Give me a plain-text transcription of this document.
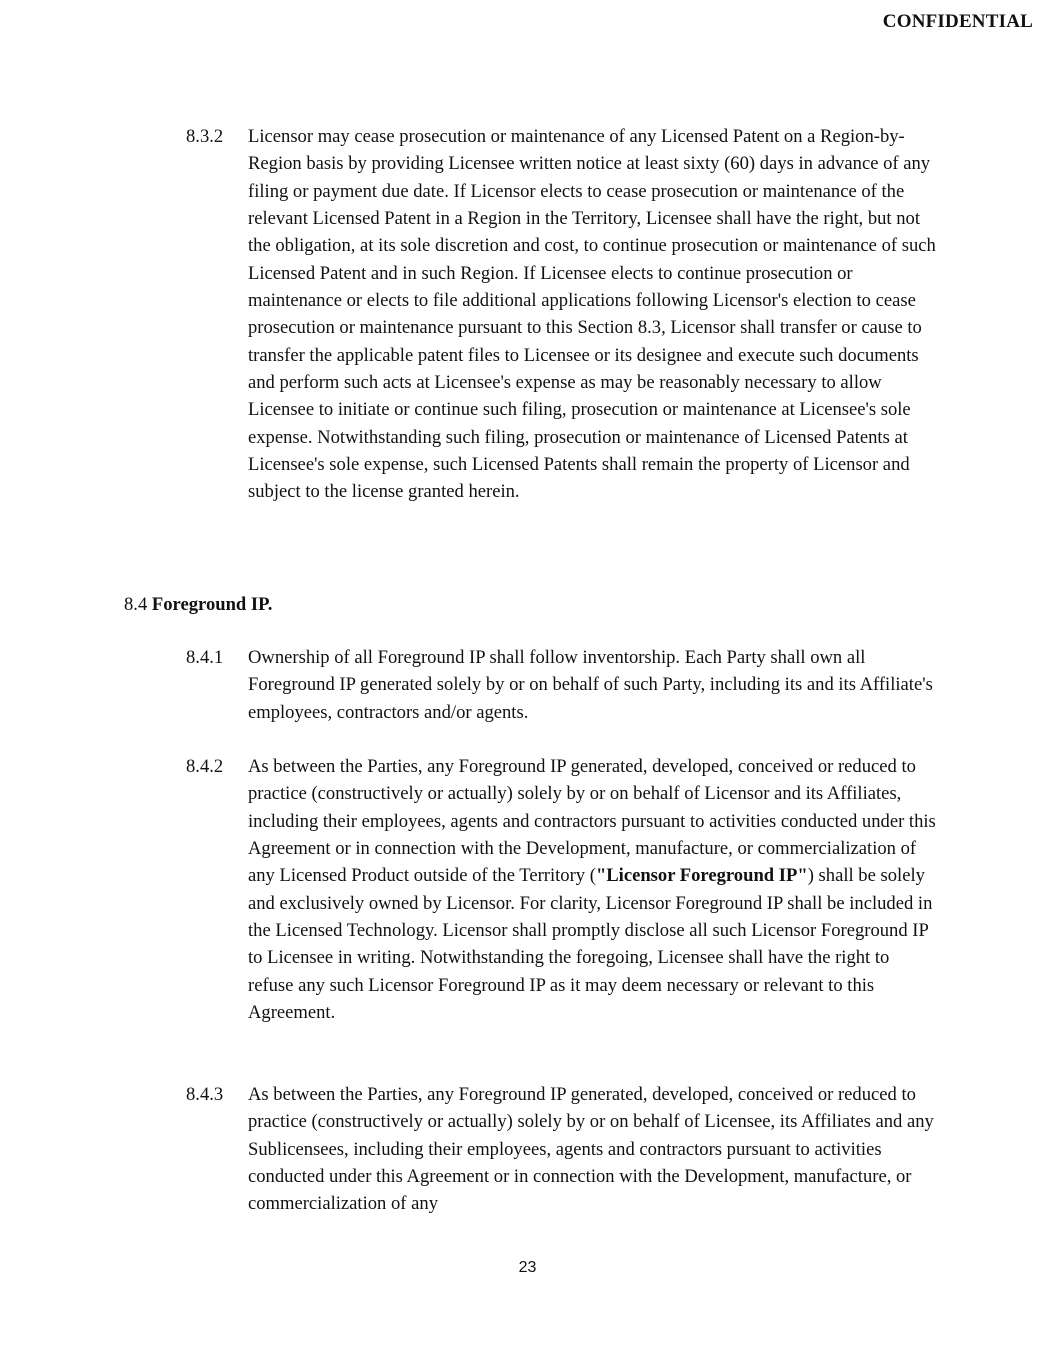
CONFIDENTIAL
8.3.2 Licensor may cease prosecution or maintenance of any Licensed Patent on a Region-by-Region basis by providing Licensee written notice at least sixty (60) days in advance of any filing or payment due date. If Licensor elects to cease prosecution or maintenance of the relevant Licensed Patent in a Region in the Territory, Licensee shall have the right, but not the obligation, at its sole discretion and cost, to continue prosecution or maintenance of such Licensed Patent and in such Region. If Licensee elects to continue prosecution or maintenance or elects to file additional applications following Licensor's election to cease prosecution or maintenance pursuant to this Section 8.3, Licensor shall transfer or cause to transfer the applicable patent files to Licensee or its designee and execute such documents and perform such acts at Licensee's expense as may be reasonably necessary to allow Licensee to initiate or continue such filing, prosecution or maintenance at Licensee's sole expense. Notwithstanding such filing, prosecution or maintenance of Licensed Patents at Licensee's sole expense, such Licensed Patents shall remain the property of Licensor and subject to the license granted herein.
8.4 Foreground IP.
8.4.1 Ownership of all Foreground IP shall follow inventorship. Each Party shall own all Foreground IP generated solely by or on behalf of such Party, including its and its Affiliate's employees, contractors and/or agents.
8.4.2 As between the Parties, any Foreground IP generated, developed, conceived or reduced to practice (constructively or actually) solely by or on behalf of Licensor and its Affiliates, including their employees, agents and contractors pursuant to activities conducted under this Agreement or in connection with the Development, manufacture, or commercialization of any Licensed Product outside of the Territory ("Licensor Foreground IP") shall be solely and exclusively owned by Licensor. For clarity, Licensor Foreground IP shall be included in the Licensed Technology. Licensor shall promptly disclose all such Licensor Foreground IP to Licensee in writing. Notwithstanding the foregoing, Licensee shall have the right to refuse any such Licensor Foreground IP as it may deem necessary or relevant to this Agreement.
8.4.3 As between the Parties, any Foreground IP generated, developed, conceived or reduced to practice (constructively or actually) solely by or on behalf of Licensee, its Affiliates and any Sublicensees, including their employees, agents and contractors pursuant to activities conducted under this Agreement or in connection with the Development, manufacture, or commercialization of any
23
